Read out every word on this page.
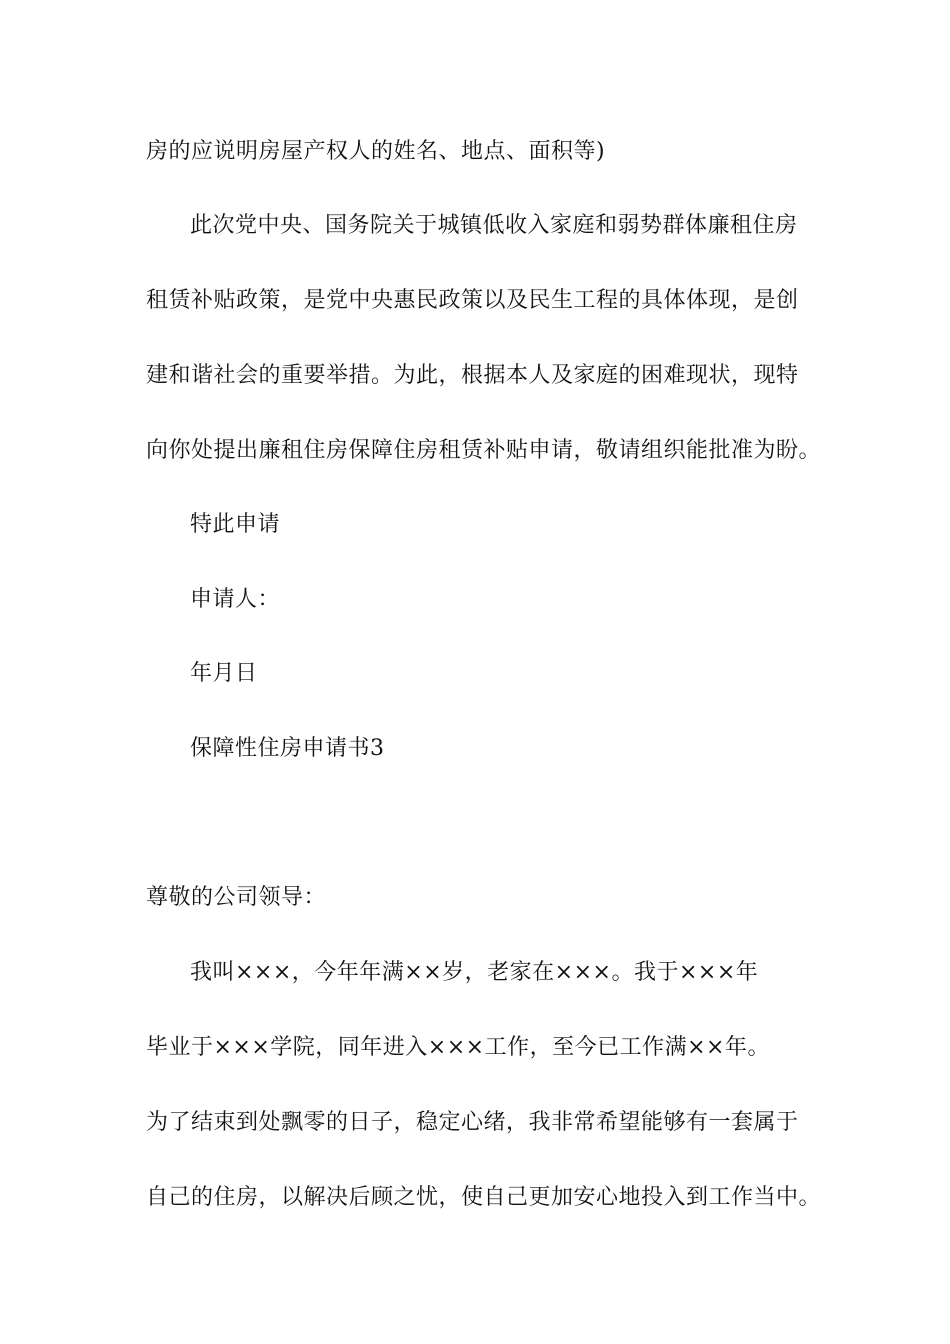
房的应说明房屋产权人的姓名、地点、面积等)
此次党中央、国务院关于城镇低收入家庭和弱势群体廉租住房
租赁补贴政策，是党中央惠民政策以及民生工程的具体体现，是创
建和谐社会的重要举措。为此，根据本人及家庭的困难现状，现特
向你处提出廉租住房保障住房租赁补贴申请，敬请组织能批准为盼。
特此申请
申请人：
年月日
保障性住房申请书3
尊敬的公司领导：
我叫×××，今年年满××岁，老家在×××。我于×××年
毕业于×××学院，同年进入×××工作，至今已工作满××年。
为了结束到处飘零的日子，稳定心绪，我非常希望能够有一套属于
自己的住房，以解决后顾之忧，使自己更加安心地投入到工作当中。
